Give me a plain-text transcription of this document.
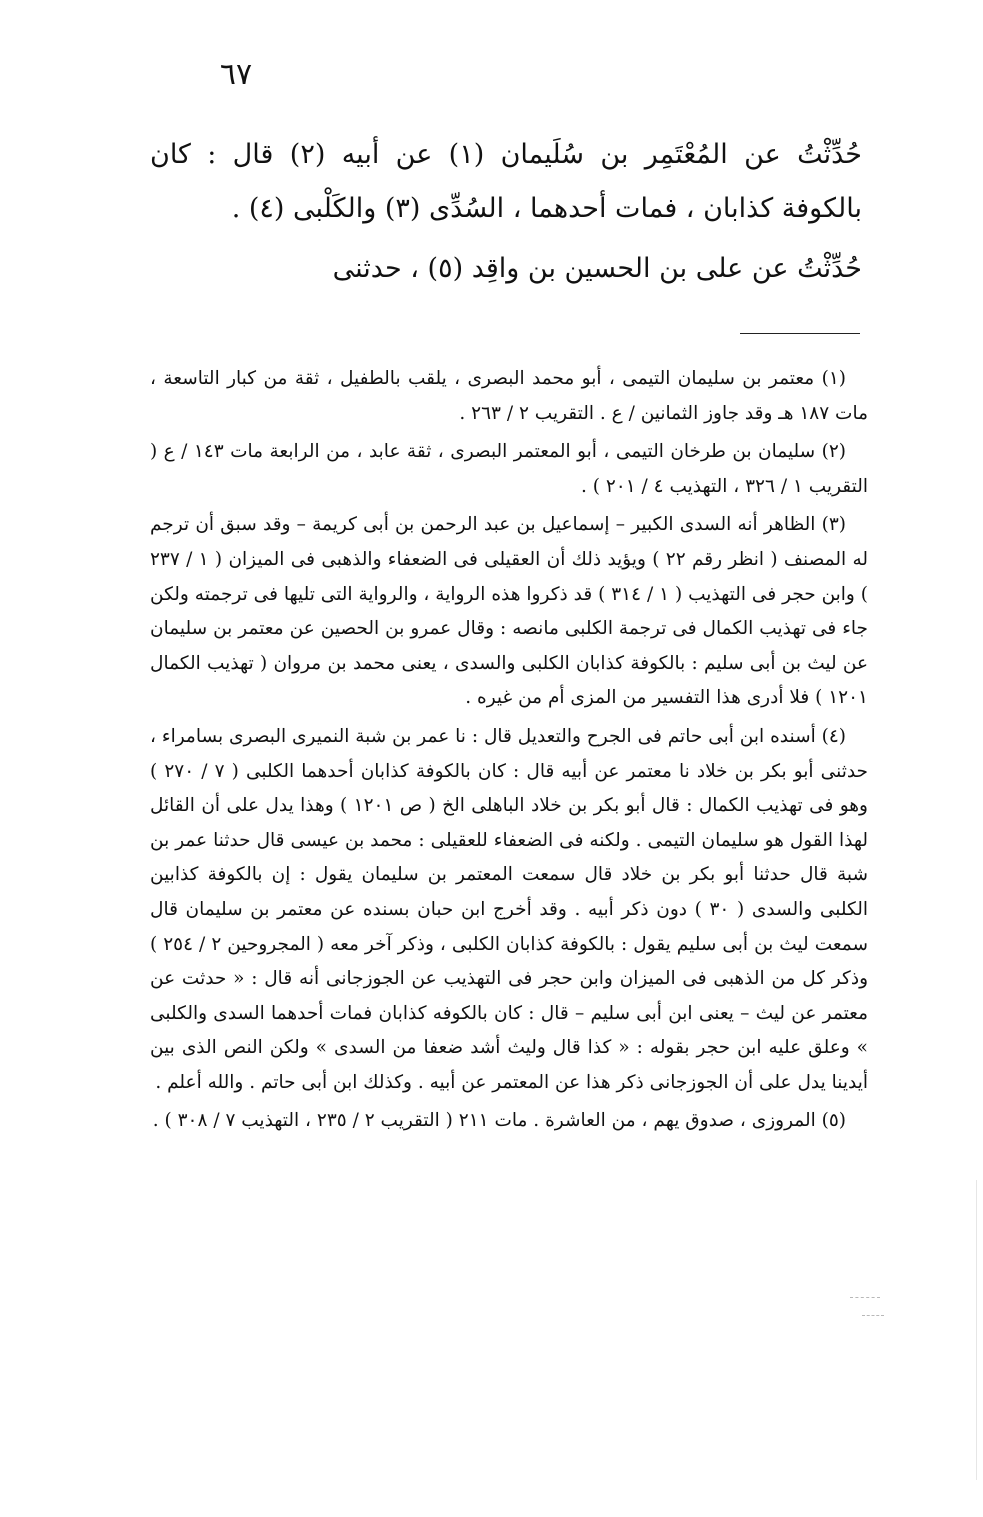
٦٧

حُدِّثْتُ عن المُعْتَمِر بن سُلَيمان (١) عن أبيه (٢) قال : كان بالكوفة كذابان ، فمات أحدهما ، السُدِّى (٣) والكَلْبى (٤) .

حُدِّثْتُ عن على بن الحسين بن واقِد (٥) ، حدثنى

(١) معتمر بن سليمان التيمى ، أبو محمد البصرى ، يلقب بالطفيل ، ثقة من كبار التاسعة ، مات ١٨٧ هـ وقد جاوز الثمانين / ع . التقريب ٢ / ٢٦٣ .

(٢) سليمان بن طرخان التيمى ، أبو المعتمر البصرى ، ثقة عابد ، من الرابعة مات ١٤٣ / ع ( التقريب ١ / ٣٢٦ ، التهذيب ٤ / ٢٠١ ) .

(٣) الظاهر أنه السدى الكبير – إسماعيل بن عبد الرحمن بن أبى كريمة – وقد سبق أن ترجم له المصنف ( انظر رقم ٢٢ ) ويؤيد ذلك أن العقيلى فى الضعفاء والذهبى فى الميزان ( ١ / ٢٣٧ ) وابن حجر فى التهذيب ( ١ / ٣١٤ ) قد ذكروا هذه الرواية ، والرواية التى تليها فى ترجمته ولكن جاء فى تهذيب الكمال فى ترجمة الكلبى مانصه : وقال عمرو بن الحصين عن معتمر بن سليمان عن ليث بن أبى سليم : بالكوفة كذابان الكلبى والسدى ، يعنى محمد بن مروان ( تهذيب الكمال ١٢٠١ ) فلا أدرى هذا التفسير من المزى أم من غيره .

(٤) أسنده ابن أبى حاتم فى الجرح والتعديل قال : نا عمر بن شبة النميرى البصرى بسامراء ، حدثنى أبو بكر بن خلاد نا معتمر عن أبيه قال : كان بالكوفة كذابان أحدهما الكلبى ( ٧ / ٢٧٠ ) وهو فى تهذيب الكمال : قال أبو بكر بن خلاد الباهلى الخ ( ص ١٢٠١ ) وهذا يدل على أن القائل لهذا القول هو سليمان التيمى . ولكنه فى الضعفاء للعقيلى : محمد بن عيسى قال حدثنا عمر بن شبة قال حدثنا أبو بكر بن خلاد قال سمعت المعتمر بن سليمان يقول : إن بالكوفة كذابين الكلبى والسدى ( ٣٠ ) دون ذكر أبيه . وقد أخرج ابن حبان بسنده عن معتمر بن سليمان قال سمعت ليث بن أبى سليم يقول : بالكوفة كذابان الكلبى ، وذكر آخر معه ( المجروحين ٢ / ٢٥٤ ) وذكر كل من الذهبى فى الميزان وابن حجر فى التهذيب عن الجوزجانى أنه قال : « حدثت عن معتمر عن ليث – يعنى ابن أبى سليم – قال : كان بالكوفه كذابان فمات أحدهما السدى والكلبى » وعلق عليه ابن حجر بقوله : « كذا قال وليث أشد ضعفا من السدى » ولكن النص الذى بين أيدينا يدل على أن الجوزجانى ذكر هذا عن المعتمر عن أبيه . وكذلك ابن أبى حاتم . والله أعلم .

(٥) المروزى ، صدوق يهم ، من العاشرة . مات ٢١١ ( التقريب ٢ / ٢٣٥ ، التهذيب ٧ / ٣٠٨ ) .
